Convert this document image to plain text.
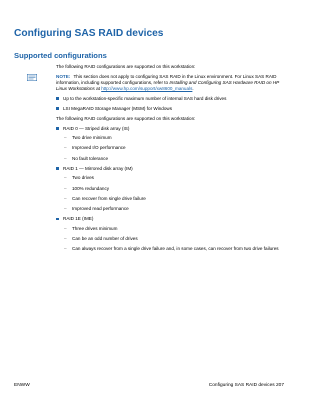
Configuring SAS RAID devices
Supported configurations

The following RAID configurations are supported on this workstation:

NOTE: This section does not apply to configuring SAS RAID in the Linux environment. For Linux SAS RAID information, including supported configurations, refer to Installing and Configuring SAS Hardware RAID on HP Linux Workstations at http://www.hp.com/support/xw8600_manuals.
Up to the workstation-specific maximum number of internal SAS hard disk drives
LSI MegaRAID Storage Manager (MSM) for Windows

The following RAID configurations are supported on this workstation:

RAID 0 — Striped disk array (IS)
– Two drive minimum
– Improved I/O performance
– No fault tolerance
RAID 1 — Mirrored disk array (IM)
– Two drives
– 100% redundancy
– Can recover from single drive failure
– Improved read performance
RAID 1E (IME)
– Three drives minimum
– Can be an odd number of drives
– Can always recover from a single drive failure and, in some cases, can recover from two drive failures
ENWW	Configuring SAS RAID devices 207
